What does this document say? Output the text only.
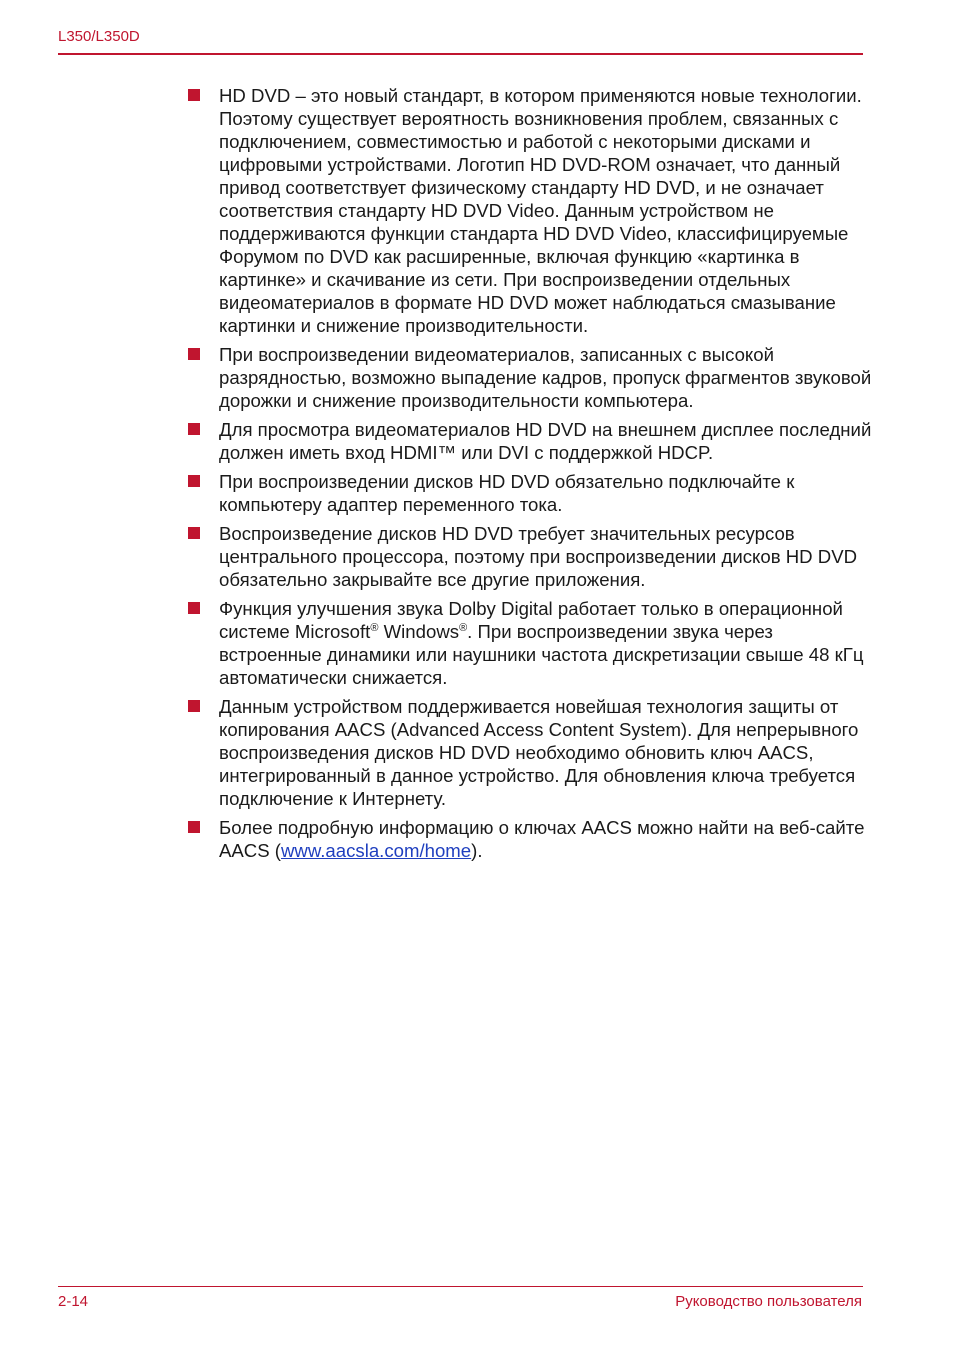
L350/L350D
HD DVD – это новый стандарт, в котором применяются новые технологии. Поэтому существует вероятность возникновения проблем, связанных с подключением, совместимостью и работой с некоторыми дисками и цифровыми устройствами. Логотип HD DVD-ROM означает, что данный привод соответствует физическому стандарту HD DVD, и не означает соответствия стандарту HD DVD Video. Данным устройством не поддерживаются функции стандарта HD DVD Video, классифицируемые Форумом по DVD как расширенные, включая функцию «картинка в картинке» и скачивание из сети. При воспроизведении отдельных видеоматериалов в формате HD DVD может наблюдаться смазывание картинки и снижение производительности.
При воспроизведении видеоматериалов, записанных с высокой разрядностью, возможно выпадение кадров, пропуск фрагментов звуковой дорожки и снижение производительности компьютера.
Для просмотра видеоматериалов HD DVD на внешнем дисплее последний должен иметь вход HDMI™ или DVI с поддержкой HDCP.
При воспроизведении дисков HD DVD обязательно подключайте к компьютеру адаптер переменного тока.
Воспроизведение дисков HD DVD требует значительных ресурсов центрального процессора, поэтому при воспроизведении дисков HD DVD обязательно закрывайте все другие приложения.
Функция улучшения звука Dolby Digital работает только в операционной системе Microsoft® Windows®. При воспроизведении звука через встроенные динамики или наушники частота дискретизации свыше 48 кГц автоматически снижается.
Данным устройством поддерживается новейшая технология защиты от копирования AACS (Advanced Access Content System). Для непрерывного воспроизведения дисков HD DVD необходимо обновить ключ AACS, интегрированный в данное устройство. Для обновления ключа требуется подключение к Интернету.
Более подробную информацию о ключах AACS можно найти на веб-сайте AACS (www.aacsla.com/home).
2-14	Руководство пользователя
